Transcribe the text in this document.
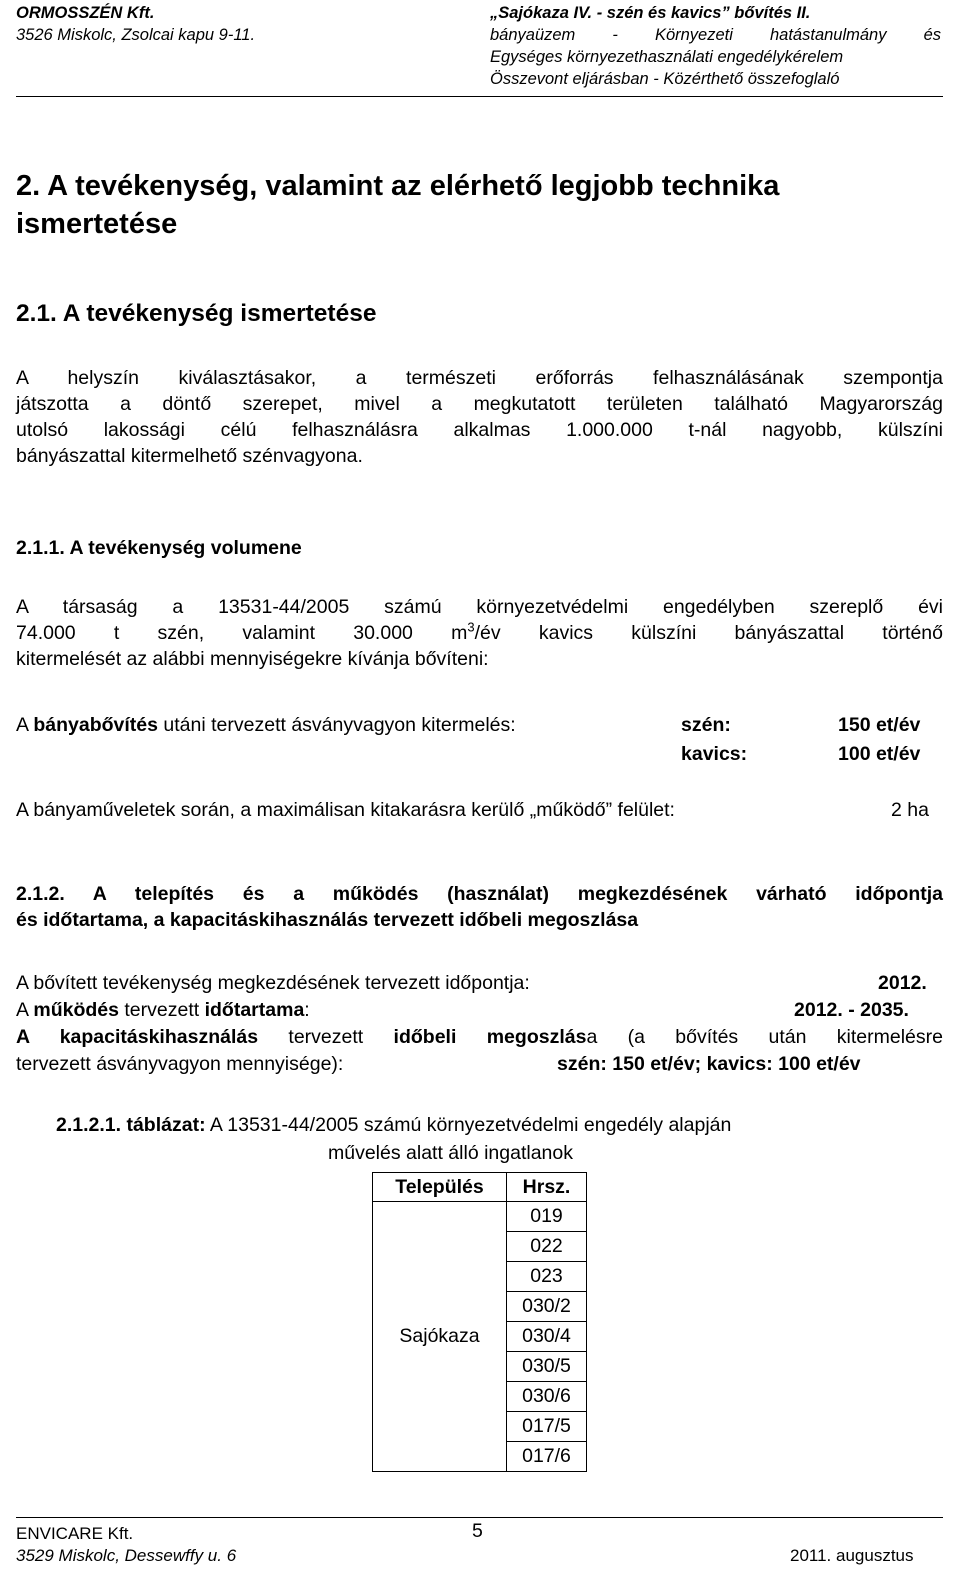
ORMOSSZÉN Kft.
3526 Miskolc, Zsolcai kapu 9-11.
„Sajókaza IV. - szén és kavics” bővítés II.
bányaüzem - Környezeti hatástanulmány és
Egységes környezethasználati engedélykérelem
Összevont eljárásban - Közérthető összefoglaló
2. A tevékenység, valamint az elérhető legjobb technika
ismertetése
2.1. A tevékenység ismertetése
A helyszín kiválasztásakor, a természeti erőforrás felhasználásának szempontja
játszotta a döntő szerepet, mivel a megkutatott területen található Magyarország
utolsó lakossági célú felhasználásra alkalmas 1.000.000 t-nál nagyobb, külszíni
bányászattal kitermelhető szénvagyona.
2.1.1. A tevékenység volumene
A társaság a 13531-44/2005 számú környezetvédelmi engedélyben szereplő évi
74.000 t szén, valamint 30.000 $m^3/év$ kavics külszíni bányászattal történő
kitermelését az alábbi mennyiségekre kívánja bővíteni:
A bányabővítés utáni tervezett ásványvagyon kitermelés:	szén:	150 et/év
kavics:	100 et/év
A bányaműveletek során, a maximálisan kitakarásra kerülő „működő” felület:	2 ha
2.1.2. A telepítés és a működés (használat) megkezdésének várható időpontja
és időtartama, a kapacitáskihasználás tervezett időbeli megoszlása
A bővített tevékenység megkezdésének tervezett időpontja:	2012.
A működés tervezett időtartama:	2012. - 2035.
A kapacitáskihasználás tervezett időbeli megoszlása (a bővítés után kitermelésre
tervezett ásványvagyon mennyisége):	szén: 150 et/év; kavics: 100 et/év
2.1.2.1. táblázat: A 13531-44/2005 számú környezetvédelmi engedély alapján
művelés alatt álló ingatlanok
Település	Hrsz.
Sajókaza	019
	022
	023
	030/2
	030/4
	030/5
	030/6
	017/5
	017/6
ENVICARE Kft.
3529 Miskolc, Dessewffy u. 6
5
2011. augusztus
